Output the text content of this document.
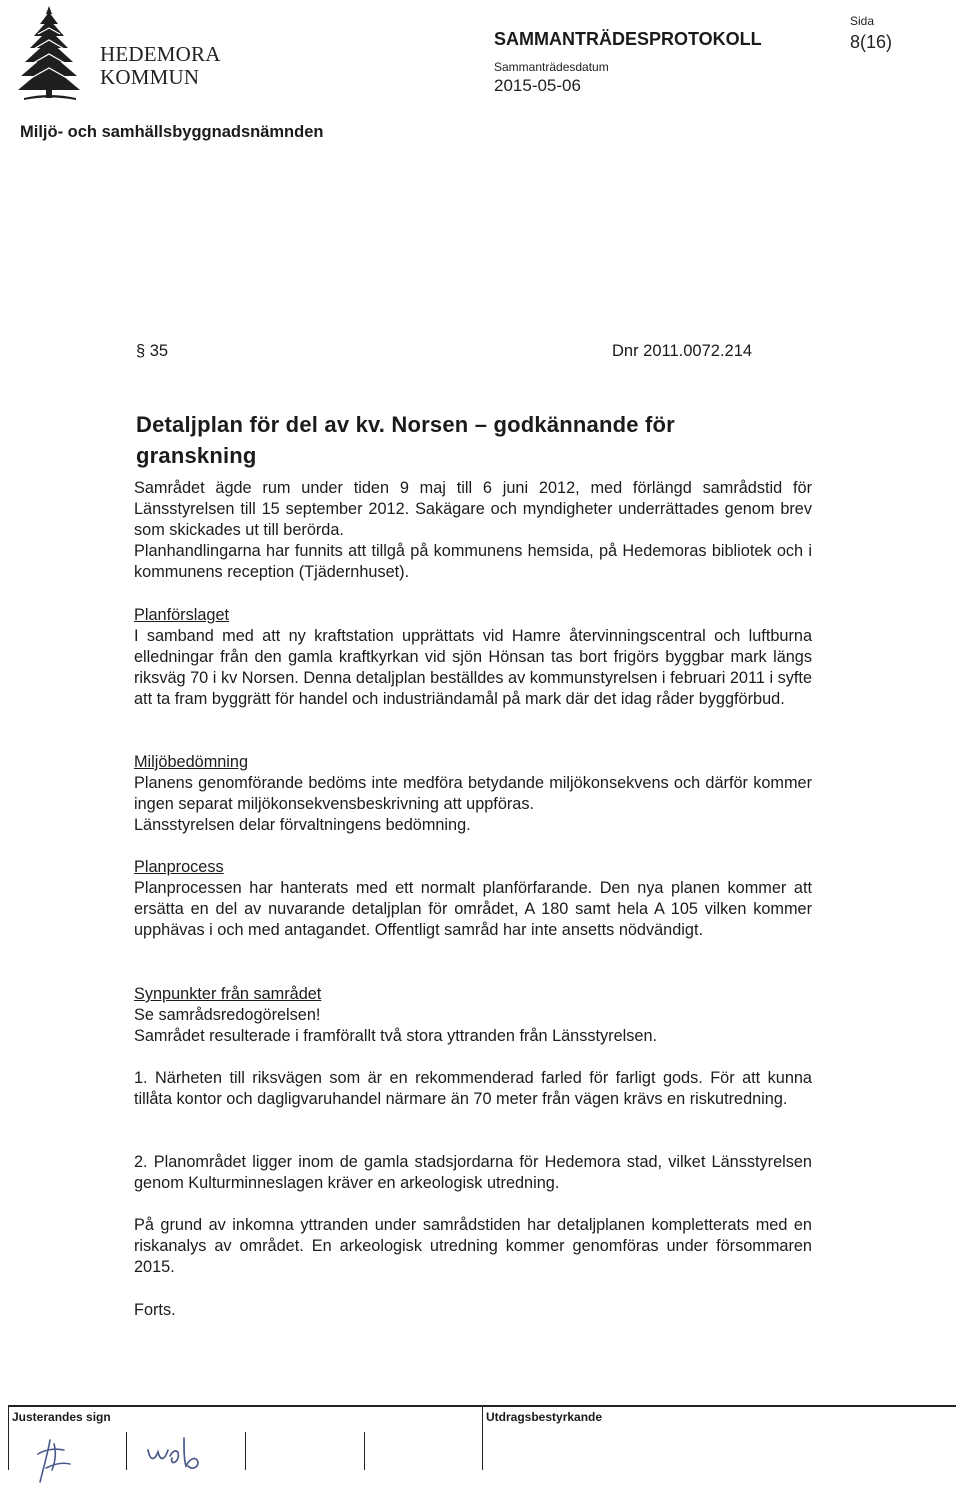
HEDEMORA
KOMMUN
SAMMANTRÄDESPROTOKOLL
Sammanträdesdatum
2015-05-06
Sida
8(16)
Miljö- och samhällsbyggnadsnämnden
§ 35	Dnr 2011.0072.214
Detaljplan för del av kv. Norsen – godkännande för granskning

Samrådet ägde rum under tiden 9 maj till 6 juni 2012, med förlängd samrådstid för Länsstyrelsen till 15 september 2012. Sakägare och myndigheter underrättades genom brev som skickades ut till berörda.

Planhandlingarna har funnits att tillgå på kommunens hemsida, på Hedemoras bibliotek och i kommunens reception (Tjädernhuset).

Planförslaget

I samband med att ny kraftstation upprättats vid Hamre återvinningscentral och luftburna elledningar från den gamla kraftkyrkan vid sjön Hönsan tas bort frigörs byggbar mark längs riksväg 70 i kv Norsen. Denna detaljplan beställdes av kommunstyrelsen i februari 2011 i syfte att ta fram byggrätt för handel och industriändamål på mark där det idag råder byggförbud.

Miljöbedömning

Planens genomförande bedöms inte medföra betydande miljökonsekvens och därför kommer ingen separat miljökonsekvensbeskrivning att uppföras.

Länsstyrelsen delar förvaltningens bedömning.

Planprocess

Planprocessen har hanterats med ett normalt planförfarande. Den nya planen kommer att ersätta en del av nuvarande detaljplan för området, A 180 samt hela A 105 vilken kommer upphävas i och med antagandet. Offentligt samråd har inte ansetts nödvändigt.

Synpunkter från samrådet

Se samrådsredogörelsen!

Samrådet resulterade i framförallt två stora yttranden från Länsstyrelsen.

1. Närheten till riksvägen som är en rekommenderad farled för farligt gods. För att kunna tillåta kontor och dagligvaruhandel närmare än 70 meter från vägen krävs en riskutredning.

2. Planområdet ligger inom de gamla stadsjordarna för Hedemora stad, vilket Länsstyrelsen genom Kulturminneslagen kräver en arkeologisk utredning.

På grund av inkomna yttranden under samrådstiden har detaljplanen kompletterats med en riskanalys av området. En arkeologisk utredning kommer genomföras under försommaren 2015.

Forts.

Justerandes sign	Utdragsbestyrkande
